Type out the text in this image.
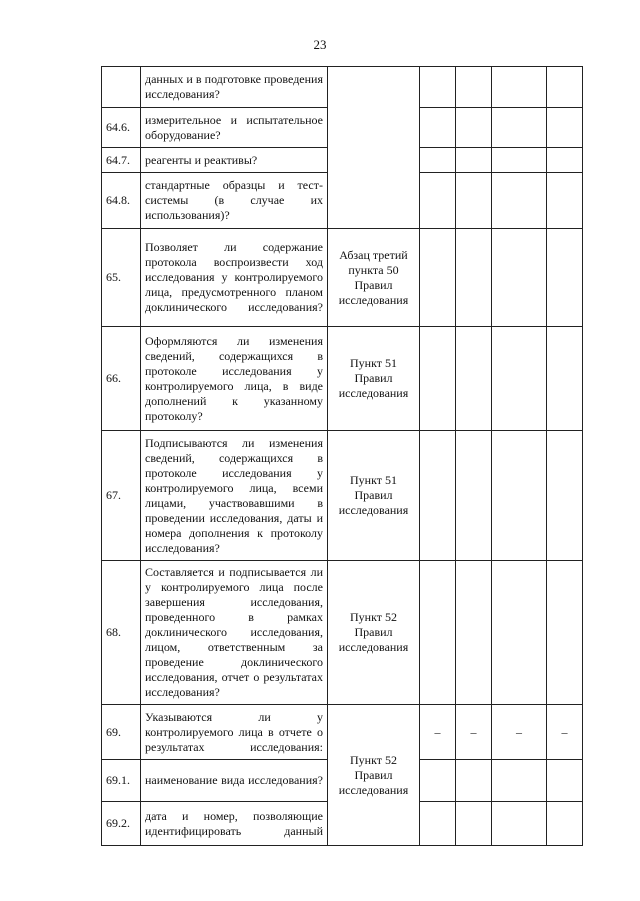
23

	данных и в подготовке проведения исследования?					

64.6.	измерительное и испытательное оборудование?					

64.7.	реагенты и реактивы?					

64.8.	стандартные образцы и тест-системы (в случае их использования)?					

65.	Позволяет ли содержание протокола воспроизвести ход исследования у контролируемого лица, предусмотренного планом доклинического исследования?	Абзац третий пункта 50 Правил исследования				
66.	Оформляются ли изменения сведений, содержащихся в протоколе исследования у контролируемого лица, в виде дополнений к указанному протоколу?	Пункт 51 Правил исследования				
67.	Подписываются ли изменения сведений, содержащихся в протоколе исследования у контролируемого лица, всеми лицами, участвовавшими в проведении исследования, даты и номера дополнения к протоколу исследования?	Пункт 51 Правил исследования				
68.	Составляется и подписывается ли у контролируемого лица после завершения исследования, проведенного в рамках доклинического исследования, лицом, ответственным за проведение доклинического исследования, отчет о результатах исследования?	Пункт 52 Правил исследования				
69.	Указываются ли у контролируемого лица в отчете о результатах исследования:	Пункт 52 Правил исследования	–	–	–	–
69.1.	наименование вида исследования?					

69.2.	дата и номер, позволяющие идентифицировать данный					
